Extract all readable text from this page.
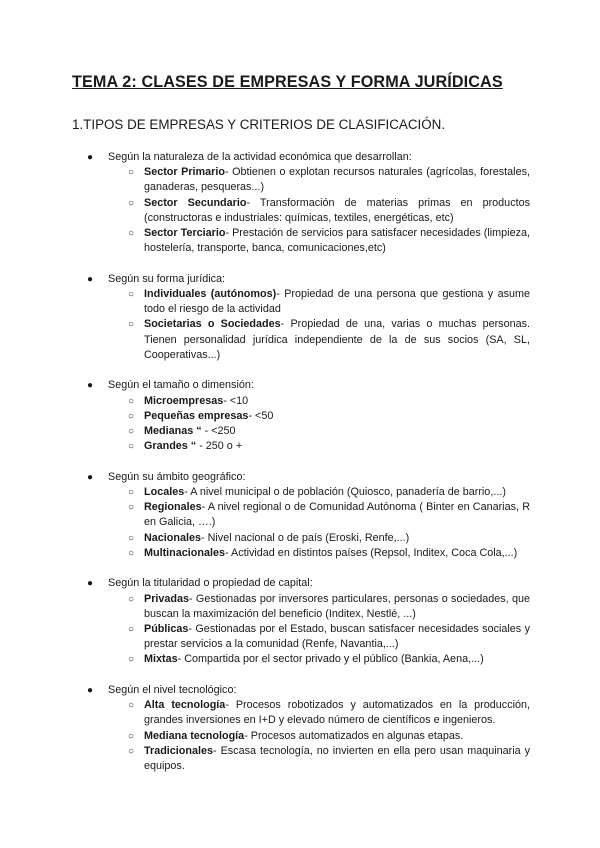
TEMA 2: CLASES DE EMPRESAS Y FORMA JURÍDICAS
1.TIPOS DE EMPRESAS Y CRITERIOS DE CLASIFICACIÓN.
● Según la naturaleza de la actividad económica que desarrollan:
○ Sector Primario- Obtienen o explotan recursos naturales (agrícolas, forestales, ganaderas, pesqueras...)
○ Sector Secundario- Transformación de materias primas en productos (constructoras e industriales: químicas, textiles, energéticas, etc)
○ Sector Terciario- Prestación de servicios para satisfacer necesidades (limpieza, hostelería, transporte, banca, comunicaciones,etc)
● Según su forma jurídica:
○ Individuales (autónomos)- Propiedad de una persona que gestiona y asume todo el riesgo de la actividad
○ Societarias o Sociedades- Propiedad de una, varias o muchas personas. Tienen personalidad jurídica independiente de la de sus socios (SA, SL, Cooperativas...)
● Según el tamaño o dimensión:
○ Microempresas- <10
○ Pequeñas empresas- <50
○ Medianas “ - <250
○ Grandes “ - 250 o +
● Según su ámbito geográfico:
○ Locales- A nivel municipal o de población (Quiosco, panadería de barrio,...)
○ Regionales- A nivel regional o de Comunidad Autónoma ( Binter en Canarias, R en Galicia, ….)
○ Nacionales- Nivel nacional o de país (Eroski, Renfe,...)
○ Multinacionales- Actividad en distintos países (Repsol, Inditex, Coca Cola,...)
● Según la titularidad o propiedad de capital:
○ Privadas- Gestionadas por inversores particulares, personas o sociedades, que buscan la maximización del beneficio (Inditex, Nestlé, ...)
○ Públicas- Gestionadas por el Estado, buscan satisfacer necesidades sociales y prestar servicios a la comunidad (Renfe, Navantia,...)
○ Mixtas- Compartida por el sector privado y el público (Bankia, Aena,...)
● Según el nivel tecnológico:
○ Alta tecnología- Procesos robotizados y automatizados en la producción, grandes inversiones en I+D y elevado número de científicos e ingenieros.
○ Mediana tecnología- Procesos automatizados en algunas etapas.
○ Tradicionales- Escasa tecnología, no invierten en ella pero usan maquinaria y equipos.
